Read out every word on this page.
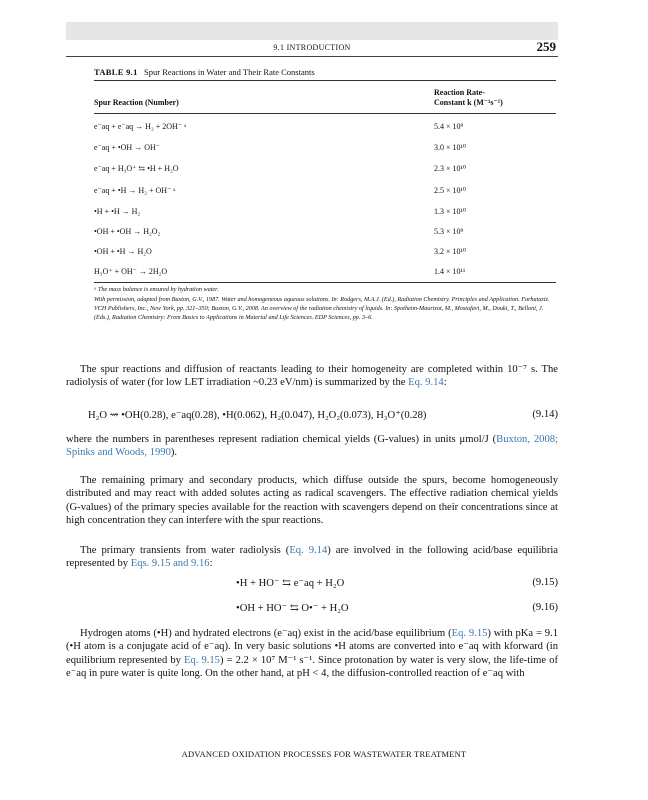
9.1 INTRODUCTION	259
TABLE 9.1 Spur Reactions in Water and Their Rate Constants
Spur Reaction (Number)
Reaction Rate-
Constant k (M⁻¹s⁻¹)
e⁻aq + e⁻aq → H₂ + 2OH⁻ ᵃ	5.4 × 10⁹
e⁻aq + •OH → OH⁻	3.0 × 10¹⁰
e⁻aq + H₃O⁺ ⇆ •H + H₂O	2.3 × 10¹⁰
e⁻aq + •H → H₂ + OH⁻ ᵃ	2.5 × 10¹⁰
•H + •H → H₂	1.3 × 10¹⁰
•OH + •OH → H₂O₂	5.3 × 10⁹
•OH + •H → H₂O	3.2 × 10¹⁰
H₃O⁺ + OH⁻ → 2H₂O	1.4 × 10¹¹
ᵃ The mass balance is ensured by hydration water.
With permission, adapted from Buxton, G.V., 1987. Water and homogeneous aqueous solutions. In: Rodgers, M.A.J. (Ed.), Radiation Chemistry. Principles and Application. Farhataziz. VCH Publishers, Inc., New York, pp. 321–350; Buxton, G.V., 2008. An overview of the radiation chemistry of liquids. In: Spotheim-Maurizot, M., Mostafavi, M., Douki, T., Belloni, J. (Eds.), Radiation Chemistry: From Basics to Applications in Material and Life Sciences. EDP Sciences, pp. 3–6.

The spur reactions and diffusion of reactants leading to their homogeneity are completed within 10⁻⁷ s. The radiolysis of water (for low LET irradiation ~0.23 eV/nm) is summarized by the Eq. 9.14:

H₂O ⇝ •OH(0.28), e⁻aq(0.28), •H(0.062), H₂(0.047), H₂O₂(0.073), H₃O⁺(0.28)	(9.14)

where the numbers in parentheses represent radiation chemical yields (G-values) in units μmol/J (Buxton, 2008; Spinks and Woods, 1990).

The remaining primary and secondary products, which diffuse outside the spurs, become homogeneously distributed and may react with added solutes acting as radical scavengers. The effective radiation chemical yields (G-values) of the primary species available for the reaction with scavengers depend on their concentrations since at high concentration they can interfere with the spur reactions.

The primary transients from water radiolysis (Eq. 9.14) are involved in the following acid/base equilibria represented by Eqs. 9.15 and 9.16:

•H + HO⁻ ⇆ e⁻aq + H₂O	(9.15)
•OH + HO⁻ ⇆ O•⁻ + H₂O	(9.16)

Hydrogen atoms (•H) and hydrated electrons (e⁻aq) exist in the acid/base equilibrium (Eq. 9.15) with pKa = 9.1 (•H atom is a conjugate acid of e⁻aq). In very basic solutions •H atoms are converted into e⁻aq with kforward (in equilibrium represented by Eq. 9.15) = 2.2 × 10⁷ M⁻¹ s⁻¹. Since protonation by water is very slow, the life-time of e⁻aq in pure water is quite long. On the other hand, at pH < 4, the diffusion-controlled reaction of e⁻aq with

ADVANCED OXIDATION PROCESSES FOR WASTEWATER TREATMENT
